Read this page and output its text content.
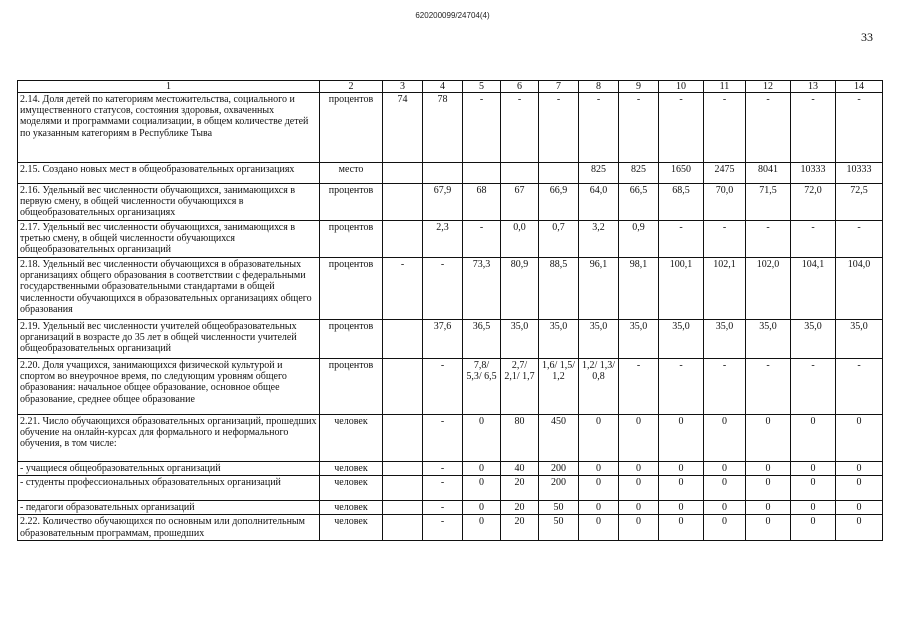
620200099/24704(4)
33
1	2	3	4	5	6	7	8	9	10	11	12	13	14
2.14. Доля детей по категориям местожительства, социального и имущественного статусов, состояния здоровья, охваченных моделями и программами социализации, в общем количестве детей по указанным категориям в Республике Тыва	процентов	74	78	-	-	-	-	-	-	-	-	-	-
2.15. Создано новых мест в общеобразовательных организациях	место						825	825	1650	2475	8041	10333	10333
2.16. Удельный вес численности обучающихся, занимающихся в первую смену, в общей численности обучающихся в общеобразовательных организациях	процентов		67,9	68	67	66,9	64,0	66,5	68,5	70,0	71,5	72,0	72,5
2.17. Удельный вес численности обучающихся, занимающихся в третью смену, в общей численности обучающихся общеобразовательных организаций	процентов		2,3	-	0,0	0,7	3,2	0,9	-	-	-	-	-
2.18. Удельный вес численности обучающихся в образовательных организациях общего образования в соответствии с федеральными государственными образовательными стандартами в общей численности обучающихся в образовательных организациях общего образования	процентов	-	-	73,3	80,9	88,5	96,1	98,1	100,1	102,1	102,0	104,1	104,0
2.19. Удельный вес численности учителей общеобразовательных организаций в возрасте до 35 лет в общей численности учителей общеобразовательных организаций	процентов		37,6	36,5	35,0	35,0	35,0	35,0	35,0	35,0	35,0	35,0	35,0
2.20. Доля учащихся, занимающихся физической культурой и спортом во внеурочное время, по следующим уровням общего образования: начальное общее образование, основное общее образование, среднее общее образование	процентов		-	7,8/ 5,3/ 6,5	2,7/ 2,1/ 1,7	1,6/ 1,5/ 1,2	1,2/ 1,3/ 0,8	-	-	-	-	-	-
2.21. Число обучающихся образовательных организаций, прошедших обучение на онлайн-курсах для формального и неформального обучения, в том числе:	человек		-	0	80	450	0	0	0	0	0	0	0
- учащиеся общеобразовательных организаций	человек		-	0	40	200	0	0	0	0	0	0	0
- студенты профессиональных образовательных организаций	человек		-	0	20	200	0	0	0	0	0	0	0
- педагоги образовательных организаций	человек		-	0	20	50	0	0	0	0	0	0	0
2.22. Количество обучающихся по основным или дополнительным образовательным программам, прошедших	человек		-	0	20	50	0	0	0	0	0	0	0
